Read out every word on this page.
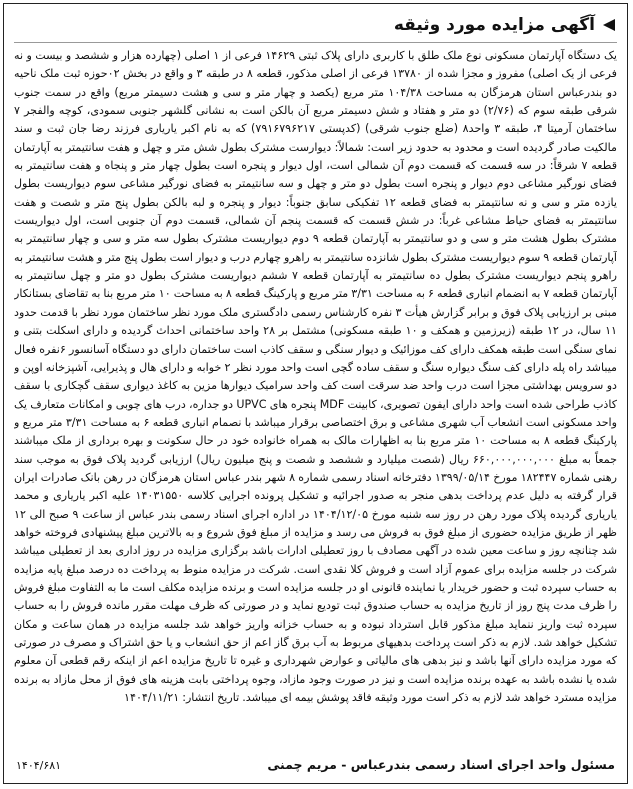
آگهی مزایده مورد وثیقه

یک دستگاه آپارتمان مسکونی نوع ملک طلق با کاربری دارای پلاک ثبتی ۱۴۶۲۹ فرعی از ۱ اصلی (چهارده هزار و ششصد و بیست و نه فرعی از یک اصلی) مفروز و مجزا شده از ۱۳۷۸۰ فرعی از اصلی مذکور، قطعه ۸ در طبقه ۳ و واقع در بخش ۰۲حوزه ثبت ملک ناحیه دو بندرعباس استان هرمزگان به مساحت ۱۰۴/۳۸ متر مربع (یکصد و چهار متر و سی و هشت دسیمتر مربع) واقع در سمت جنوب شرقی طبقه سوم که (۲/۷۶) دو متر و هفتاد و شش دسیمتر مربع آن بالکن است به نشانی گلشهر جنوبی سمودی، کوچه والفجر ۷ ساختمان آرمیتا ۴، طبقه ۳ واحد۸ (ضلع جنوب شرقی) (کدپستی ۷۹۱۶۷۹۶۲۱۷) که به نام اکبر یاریاری فرزند رضا جان ثبت و سند مالکیت صادر گردیده است و محدود به حدود زیر است: شمالاً: دیوارست مشترک بطول شش متر و چهل و هفت سانتیمتر به آپارتمان قطعه ۷ شرقاً: در سه قسمت که قسمت دوم آن شمالی است، اول دیوار و پنجره است بطول چهار متر و پنجاه و هفت سانتیمتر به فضای نورگیر مشاعی دوم دیوار و پنجره است بطول دو متر و چهل و سه سانتیمتر به فضای نورگیر مشاعی سوم دیواریست بطول یازده متر و سی و نه سانتیمتر به فضای قطعه ۱۲ تفکیکی سابق جنوباً: دیوار و پنجره و لبه بالکن بطول پنج متر و شصت و هفت سانتیمتر به فضای حیاط مشاعی غرباً: در شش قسمت که قسمت پنجم آن شمالی، قسمت دوم آن جنوبی است، اول دیواریست مشترک بطول هشت متر و سی و دو سانتیمتر به آپارتمان قطعه ۹ دوم دیواریست مشترک بطول سه متر و سی و چهار سانتیمتر به آپارتمان قطعه ۹ سوم دیواریست مشترک بطول شانزده سانتیمتر به راهرو چهارم درب و دیوار است بطول پنج متر و هشت سانتیمتر به راهرو پنجم دیواریست مشترک بطول ده سانتیمتر به آپارتمان قطعه ۷ ششم دیواریست مشترک بطول دو متر و چهل سانتیمتر به آپارتمان قطعه ۷ به انضمام انباری قطعه ۶ به مساحت ۳/۳۱ متر مربع و پارکینگ قطعه ۸ به مساحت ۱۰ متر مربع بنا به تقاضای بستانکار مبنی بر ارزیابی پلاک فوق و برابر گزارش هیأت ۳ نفره کارشناس رسمی دادگستری ملک مورد نظر ساختمان مورد نظر با قدمت حدود ۱۱ سال، در ۱۲ طبقه (زیرزمین و همکف و ۱۰ طبقه مسکونی) مشتمل بر ۲۸ واحد ساختمانی احداث گردیده و دارای اسکلت بتنی و نمای سنگی است طبقه همکف دارای کف موزائیک و دیوار سنگی و سقف کاذب است ساختمان دارای دو دستگاه آسانسور ۶نفره فعال میباشد راه پله دارای کف سنگ دیواره سنگ و سقف ساده گچی است واحد مورد نظر ۲ خوابه و دارای هال و پذیرایی، آشپزخانه اوپن و دو سرویس بهداشتی مجزا است درب واحد ضد سرقت است کف واحد سرامیک دیوارها مزین به کاغذ دیواری سقف گچکاری با سقف کاذب طراحی شده است واحد دارای ایفون تصویری، کابینت MDF پنجره های UPVC دو جداره، درب های چوبی و امکانات متعارف یک واحد مسکونی است انشعاب آب شهری مشاعی و برق اختصاصی برقرار میباشد با نصمام انباری قطعه ۶ به مساحت ۳/۳۱ متر مربع و پارکینگ قطعه ۸ به مساحت ۱۰ متر مربع بنا به اظهارات مالک به همراه خانواده خود در حال سکونت و بهره برداری از ملک میباشند جمعاً به مبلغ ۶۶۰,۰۰۰,۰۰۰,۰۰۰ ریال (شصت میلیارد و ششصد و شصت و پنج میلیون ریال) ارزیابی گردید پلاک فوق به موجب سند رهنی شماره ۱۸۲۴۴۷ مورخ ۱۳۹۹/۰۵/۱۴ دفترخانه اسناد رسمی شماره ۸ شهر بندر عباس استان هرمزگان در رهن بانک صادرات ایران قرار گرفته به دلیل عدم پرداخت بدهی منجر به صدور اجرائیه و تشکیل پرونده اجرایی کلاسه ۱۴۰۳۱۵۵۰ علیه اکبر یاریاری و محمد یاریاری گردیده پلاک مورد رهن در روز سه شنبه مورخ ۱۴۰۴/۱۲/۰۵ در اداره اجرای اسناد رسمی بندر عباس از ساعت ۹ صبح الی ۱۲ ظهر از طریق مزایده حضوری از مبلغ فوق به فروش می رسد و مزایده از مبلغ فوق شروع و به بالاترین مبلغ پیشنهادی فروخته خواهد شد چنانچه روز و ساعت معین شده در آگهی مصادف با روز تعطیلی ادارات باشد برگزاری مزایده در روز اداری بعد از تعطیلی میباشد شرکت در جلسه مزایده برای عموم آزاد است و فروش کلا نقدی است. شرکت در مزایده منوط به پرداخت ده درصد مبلغ پایه مزایده به حساب سپرده ثبت و حضور خریدار یا نماینده قانونی او در جلسه مزایده است و برنده مزایده مکلف است ما به التفاوت مبلغ فروش را ظرف مدت پنج روز از تاریخ مزایده به حساب صندوق ثبت تودیع نماید و در صورتی که ظرف مهلت مقرر مانده فروش را به حساب سپرده ثبت واریز ننماید مبلغ مذکور قابل استرداد نبوده و به حساب خزانه واریز خواهد شد جلسه مزایده در همان ساعت و مکان تشکیل خواهد شد. لازم به ذکر است پرداخت بدهیهای مربوط به آب برق گاز اعم از حق انشعاب و یا حق اشتراک و مصرف در صورتی که مورد مزایده دارای آنها باشد و نیز بدهی های مالیاتی و عوارض شهرداری و غیره تا تاریخ مزایده اعم از اینکه رقم قطعی آن معلوم شده یا نشده باشد به عهده برنده مزایده است و نیز در صورت وجود مازاد، وجوه پرداختی بابت هزینه های فوق از محل مازاد به برنده مزایده مسترد خواهد شد لازم به ذکر است مورد وثیقه فاقد پوشش بیمه ای میباشد. تاریخ انتشار: ۱۴۰۴/۱۱/۲۱

مسئول واحد اجرای اسناد رسمی بندرعباس - مریم چمنی
۱۴۰۴/۶۸۱
